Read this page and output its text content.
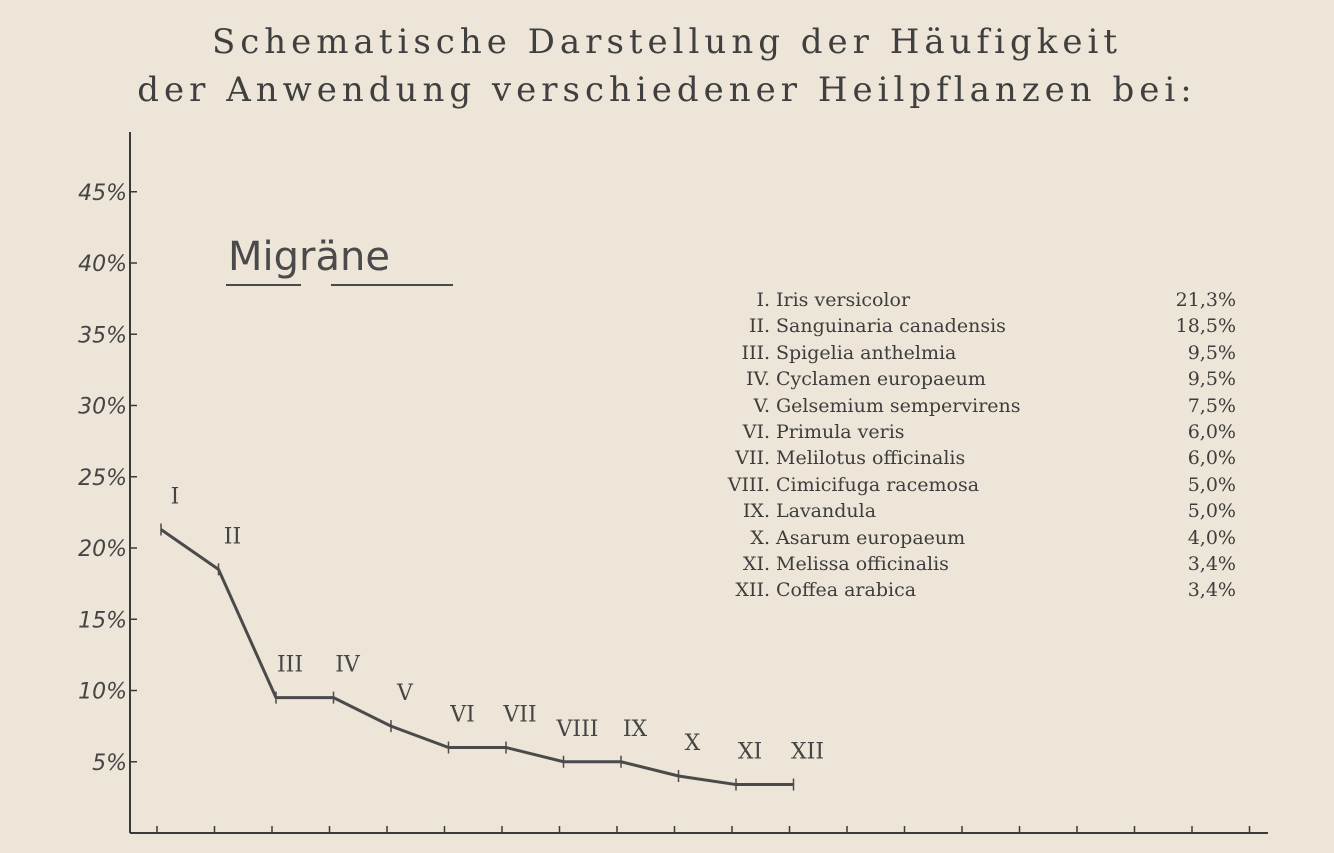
Schematische Darstellung der Häufigkeit
der Anwendung verschiedener Heilpflanzen bei:
5%
10%
15%
20%
25%
30%
35%
40%
45%
I
II
III IV
V
VI VII
VIII IX
X XI XII
Migräne
I. Iris versicolor	21,3%
II. Sanguinaria canadensis	18,5%
III. Spigelia anthelmia	9,5%
IV. Cyclamen europaeum	9,5%
V. Gelsemium sempervirens	7,5%
VI. Primula veris	6,0%
VII. Melilotus officinalis	6,0%
VIII. Cimicifuga racemosa	5,0%
IX. Lavandula	5,0%
X. Asarum europaeum	4,0%
XI. Melissa officinalis	3,4%
XII. Coffea arabica	3,4%
